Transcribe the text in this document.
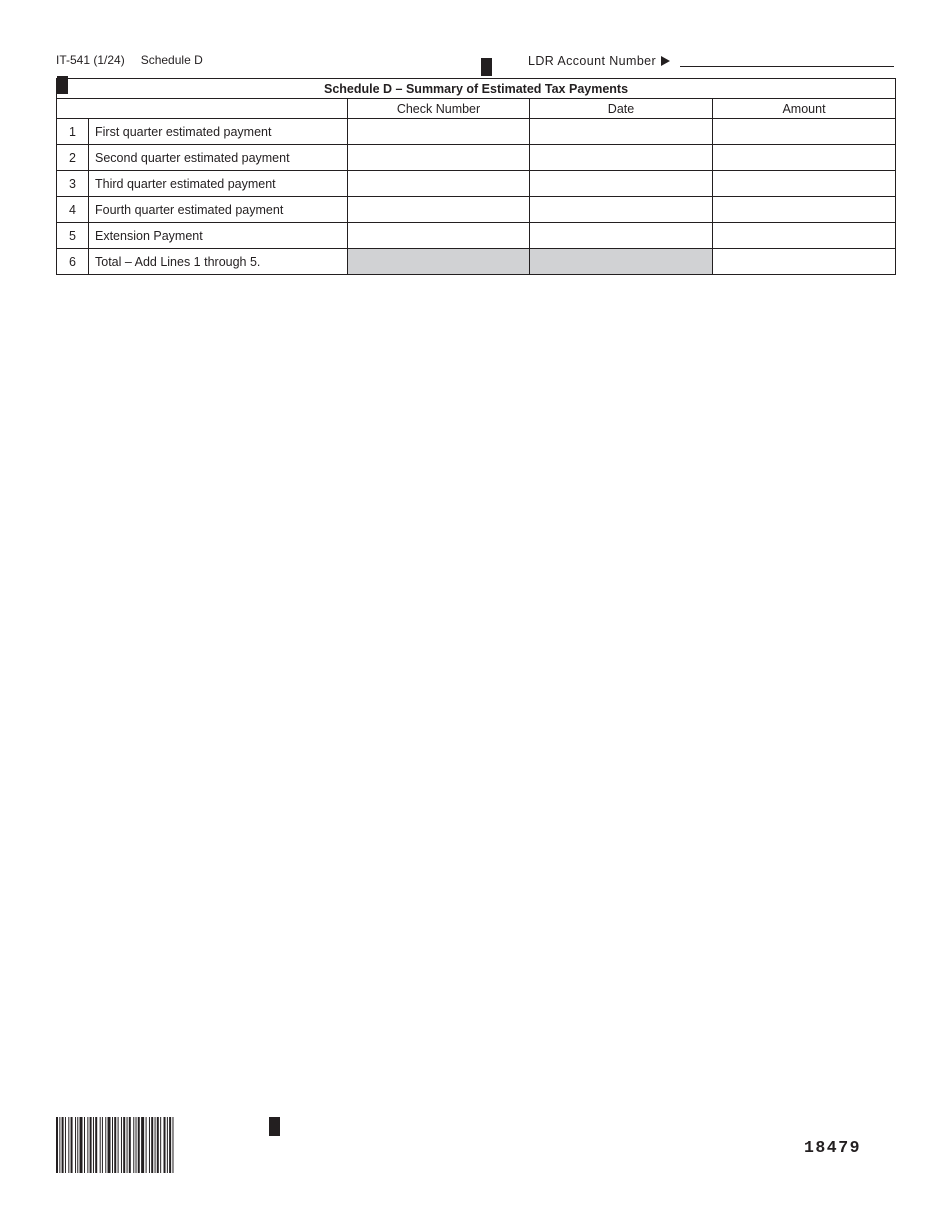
IT-541 (1/24) Schedule D	LDR Account Number
Schedule D – Summary of Estimated Tax Payments				
		Check Number	Date	Amount
1	First quarter estimated payment			
2	Second quarter estimated payment			
3	Third quarter estimated payment			
4	Fourth quarter estimated payment			
5	Extension Payment			
6	Total – Add Lines 1 through 5.			
18479
